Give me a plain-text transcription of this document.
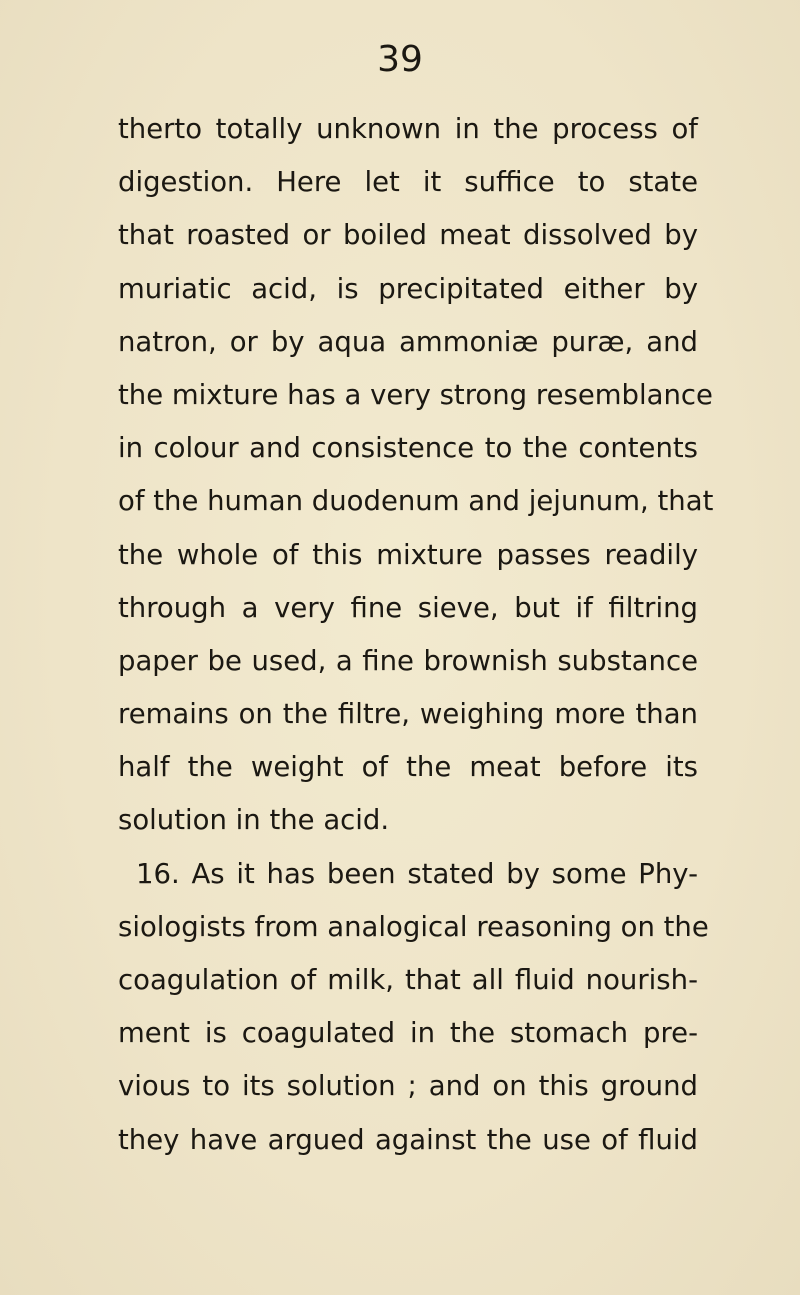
39
therto totally unknown in the process of
digestion. Here let it suffice to state
that roasted or boiled meat dissolved by
muriatic acid, is precipitated either by
natron, or by aqua ammoniæ puræ, and
the mixture has a very strong resemblance
in colour and consistence to the contents
of the human duodenum and jejunum, that
the whole of this mixture passes readily
through a very fine sieve, but if filtring
paper be used, a fine brownish substance
remains on the filtre, weighing more than
half the weight of the meat before its
solution in the acid.
16. As it has been stated by some Phy-
siologists from analogical reasoning on the
coagulation of milk, that all fluid nourish-
ment is coagulated in the stomach pre-
vious to its solution ; and on this ground
they have argued against the use of fluid
